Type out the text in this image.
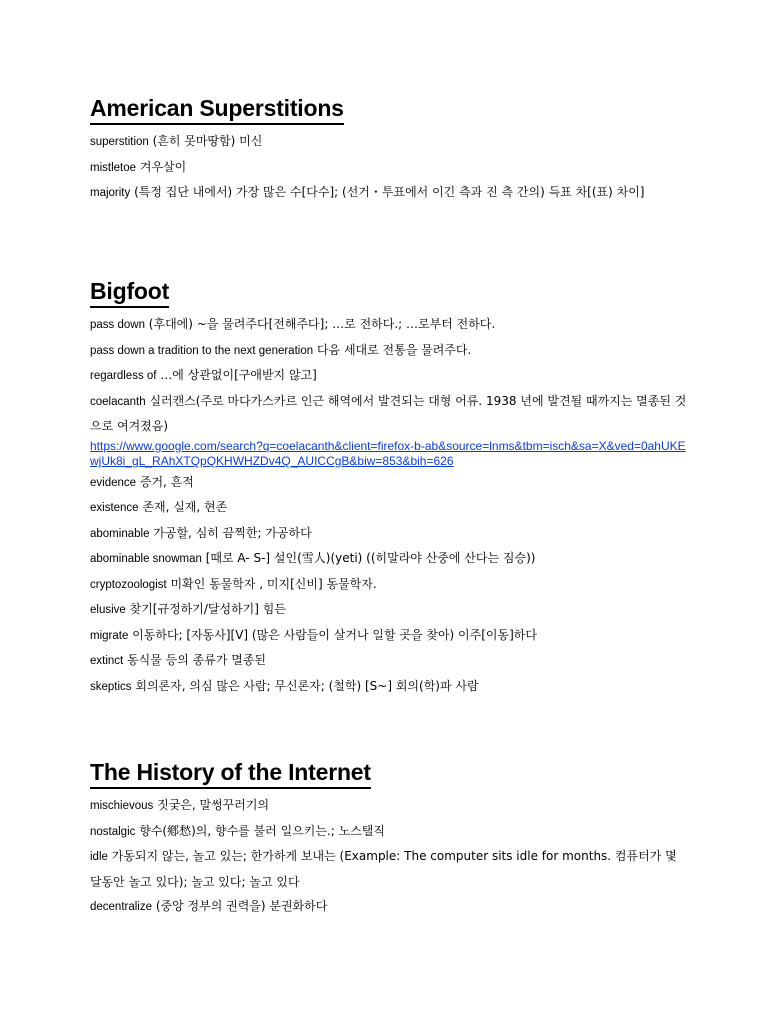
American Superstitions

superstition (흔히 못마땅함) 미신

mistletoe 겨우살이

majority (특정 집단 내에서) 가장 많은 수[다수]; (선거・투표에서 이긴 측과 진 측 간의) 득표 차[(표) 차이]

Bigfoot

pass down (후대에) ~을 물려주다[전해주다]; …로 전하다.; …로부터 전하다.

pass down a tradition to the next generation 다음 세대로 전통을 물려주다.

regardless of …에 상관없이[구애받지 않고]

coelacanth 실러캔스(주로 마다가스카르 인근 해역에서 발견되는 대형 어류. 1938 년에 발견될 때까지는 멸종된 것으로 여겨졌음)

https://www.google.com/search?q=coelacanth&client=firefox-b-ab&source=lnms&tbm=isch&sa=X&ved=0ahUKEwjUk8i_gL_RAhXTQpQKHWHZDv4Q_AUICCgB&biw=853&bih=626

evidence 증거, 흔적

existence 존재, 실재, 현존

abominable 가공할, 심히 끔찍한; 가공하다

abominable snowman [때로 A- S-] 설인(雪人)(yeti) ((히말라야 산중에 산다는 짐승))

cryptozoologist 미확인 동물학자 , 미지[신비] 동물학자.

elusive 찾기[규정하기/달성하기] 힘든

migrate 이동하다; [자동사][V] (많은 사람들이 살거나 일할 곳을 찾아) 이주[이동]하다

extinct 동식물 등의 종류가 멸종된

skeptics 회의론자, 의심 많은 사람; 무신론자; (철학) [S~] 회의(학)파 사람

The History of the Internet

mischievous 짓궂은, 말썽꾸러기의

nostalgic 향수(鄕愁)의, 향수를 불러 일으키는.; 노스탤직

idle 가동되지 않는, 놀고 있는; 한가하게 보내는 (Example: The computer sits idle for months. 컴퓨터가 몇 달동안 놀고 있다); 놀고 있다; 놀고 있다

decentralize (중앙 정부의 권력을) 분권화하다
